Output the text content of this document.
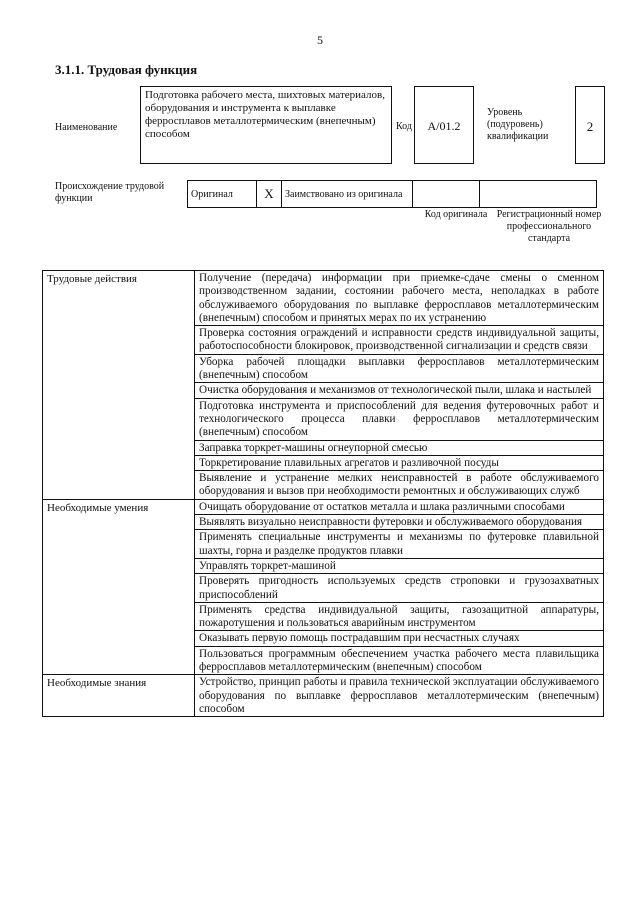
5
3.1.1. Трудовая функция
Наименование
Подготовка рабочего места, шихтовых материалов, оборудования и инструмента к выплавке ферросплавов металлотермическим (внепечным) способом
Код	А/01.2
Уровень (подуровень) квалификации
2
Происхождение трудовой функции	Оригинал	X	Заимствовано из оригинала		
Код оригинала Регистрационный номер профессионального стандарта
Трудовые действия	Получение (передача) информации при приемке-сдаче смены о сменном производственном задании, состоянии рабочего места, неполадках в работе обслуживаемого оборудования по выплавке ферросплавов металлотермическим (внепечным) способом и принятых мерах по их устранению
	Проверка состояния ограждений и исправности средств индивидуальной защиты, работоспособности блокировок, производственной сигнализации и средств связи
	Уборка рабочей площадки выплавки ферросплавов металлотермическим (внепечным) способом
	Очистка оборудования и механизмов от технологической пыли, шлака и настылей
	Подготовка инструмента и приспособлений для ведения футеровочных работ и технологического процесса плавки ферросплавов металлотермическим (внепечным) способом
	Заправка торкрет-машины огнеупорной смесью
	Торкретирование плавильных агрегатов и разливочной посуды
	Выявление и устранение мелких неисправностей в работе обслуживаемого оборудования и вызов при необходимости ремонтных и обслуживающих служб
Необходимые умения	Очищать оборудование от остатков металла и шлака различными способами
	Выявлять визуально неисправности футеровки и обслуживаемого оборудования
	Применять специальные инструменты и механизмы по футеровке плавильной шахты, горна и разделке продуктов плавки
	Управлять торкрет-машиной
	Проверять пригодность используемых средств строповки и грузозахватных приспособлений
	Применять средства индивидуальной защиты, газозащитной аппаратуры, пожаротушения и пользоваться аварийным инструментом
	Оказывать первую помощь пострадавшим при несчастных случаях
	Пользоваться программным обеспечением участка рабочего места плавильщика ферросплавов металлотермическим (внепечным) способом
Необходимые знания	Устройство, принцип работы и правила технической эксплуатации обслуживаемого оборудования по выплавке ферросплавов металлотермическим (внепечным) способом
